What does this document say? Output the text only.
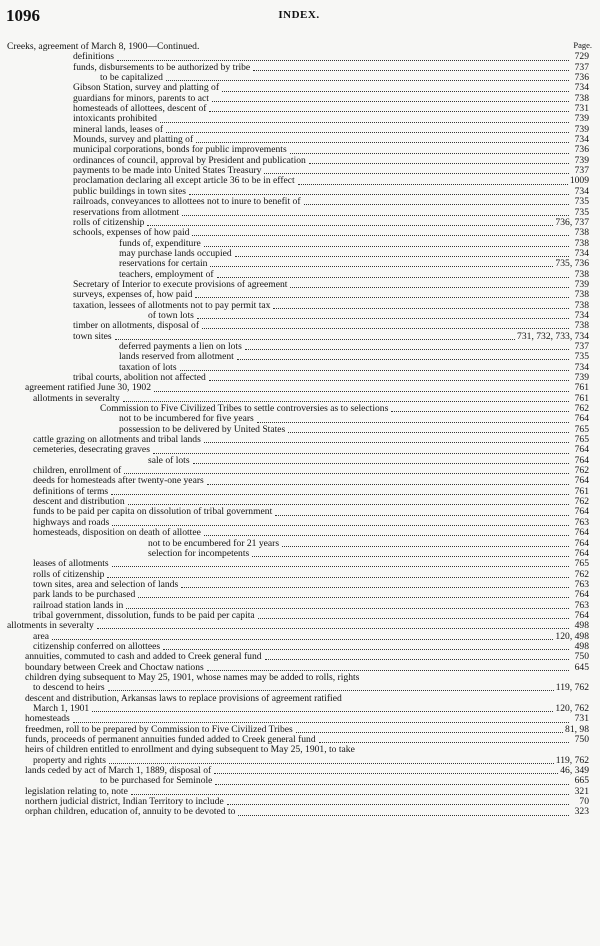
1096	INDEX.
Page.
Creeks, agreement of March 8, 1900—Continued.
definitions	729
funds, disbursements to be authorized by tribe	737
to be capitalized	736
Gibson Station, survey and platting of	734
guardians for minors, parents to act	738
homesteads of allottees, descent of	731
intoxicants prohibited	739
mineral lands, leases of	739
Mounds, survey and platting of	734
municipal corporations, bonds for public improvements	736
ordinances of council, approval by President and publication	739
payments to be made into United States Treasury	737
proclamation declaring all except article 36 to be in effect	1009
public buildings in town sites	734
railroads, conveyances to allottees not to inure to benefit of	735
reservations from allotment	735
rolls of citizenship	736, 737
schools, expenses of how paid	738
funds of, expenditure	738
may purchase lands occupied	734
reservations for certain	735, 736
teachers, employment of	738
Secretary of Interior to execute provisions of agreement	739
surveys, expenses of, how paid	738
taxation, lessees of allotments not to pay permit tax	738
of town lots	734
timber on allotments, disposal of	738
town sites	731, 732, 733, 734
deferred payments a lien on lots	737
lands reserved from allotment	735
taxation of lots	734
tribal courts, abolition not affected	739
agreement ratified June 30, 1902	761
allotments in severalty	761
Commission to Five Civilized Tribes to settle controversies as to selections	762
not to be incumbered for five years	764
possession to be delivered by United States	765
cattle grazing on allotments and tribal lands	765
cemeteries, desecrating graves	764
sale of lots	764
children, enrollment of	762
deeds for homesteads after twenty-one years	764
definitions of terms	761
descent and distribution	762
funds to be paid per capita on dissolution of tribal government	764
highways and roads	763
homesteads, disposition on death of allottee	764
not to be encumbered for 21 years	764
selection for incompetents	764
leases of allotments	765
rolls of citizenship	762
town sites, area and selection of lands	763
park lands to be purchased	764
railroad station lands in	763
tribal government, dissolution, funds to be paid per capita	764
allotments in severalty	498
area	120, 498
citizenship conferred on allottees	498
annuities, commuted to cash and added to Creek general fund	750
boundary between Creek and Choctaw nations	645
children dying subsequent to May 25, 1901, whose names may be added to rolls, rights
to descend to heirs	119, 762
descent and distribution, Arkansas laws to replace provisions of agreement ratified
March 1, 1901	120, 762
homesteads	731
freedmen, roll to be prepared by Commission to Five Civilized Tribes	81, 98
funds, proceeds of permanent annuities funded added to Creek general fund	750
heirs of children entitled to enrollment and dying subsequent to May 25, 1901, to take
property and rights	119, 762
lands ceded by act of March 1, 1889, disposal of	46, 349
to be purchased for Seminole	665
legislation relating to, note	321
northern judicial district, Indian Territory to include	70
orphan children, education of, annuity to be devoted to	323
